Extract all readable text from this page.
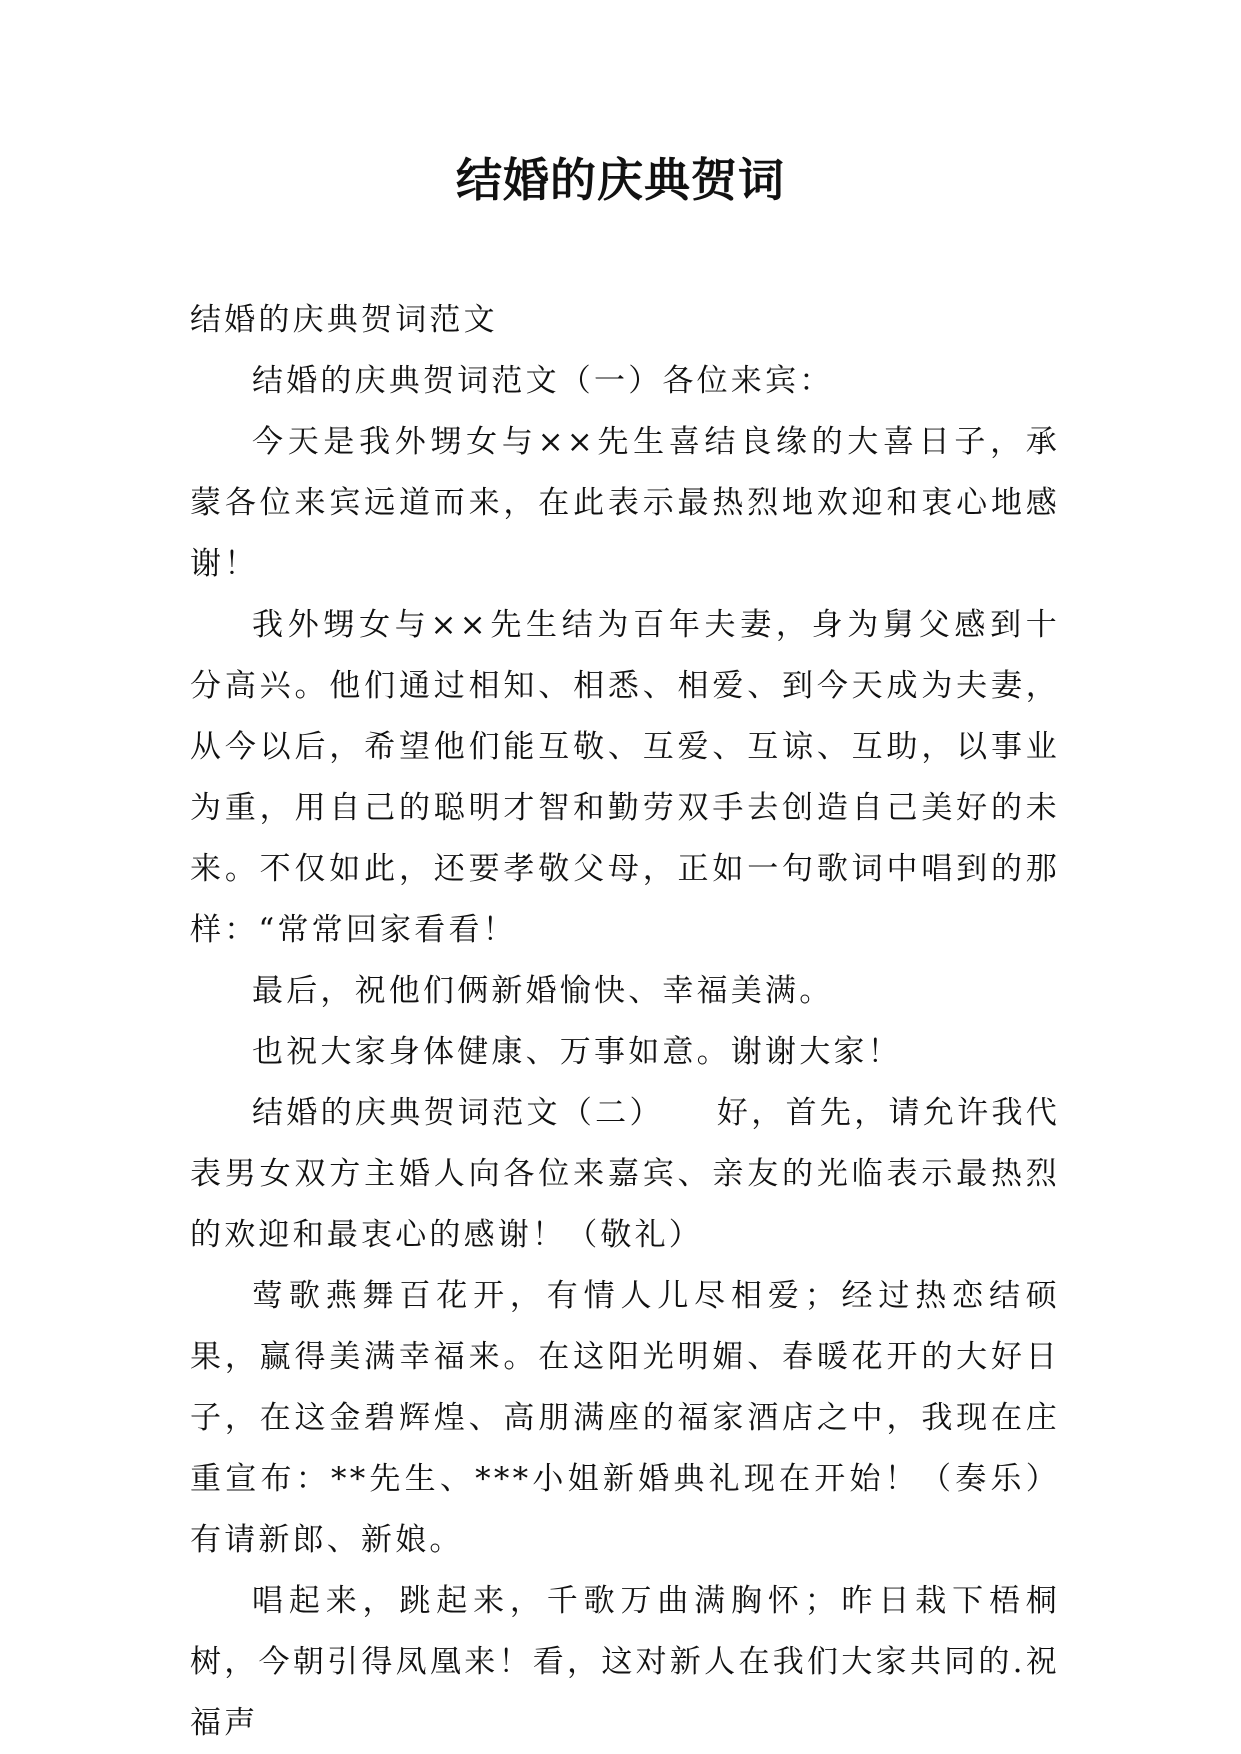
结婚的庆典贺词

结婚的庆典贺词范文

结婚的庆典贺词范文（一）各位来宾：

今天是我外甥女与××先生喜结良缘的大喜日子，承蒙各位来宾远道而来，在此表示最热烈地欢迎和衷心地感谢！

我外甥女与××先生结为百年夫妻，身为舅父感到十分高兴。他们通过相知、相悉、相爱、到今天成为夫妻，从今以后，希望他们能互敬、互爱、互谅、互助，以事业为重，用自己的聪明才智和勤劳双手去创造自己美好的未来。不仅如此，还要孝敬父母，正如一句歌词中唱到的那样：“常常回家看看！

最后，祝他们俩新婚愉快、幸福美满。

也祝大家身体健康、万事如意。谢谢大家！

结婚的庆典贺词范文（二）　　好，首先，请允许我代表男女双方主婚人向各位来嘉宾、亲友的光临表示最热烈的欢迎和最衷心的感谢！（敬礼）

莺歌燕舞百花开，有情人儿尽相爱；经过热恋结硕果，赢得美满幸福来。在这阳光明媚、春暖花开的大好日子，在这金碧辉煌、高朋满座的福家酒店之中，我现在庄重宣布：**先生、***小姐新婚典礼现在开始！（奏乐）有请新郎、新娘。

唱起来，跳起来，千歌万曲满胸怀；昨日栽下梧桐树，今朝引得凤凰来！看，这对新人在我们大家共同的.祝福声
